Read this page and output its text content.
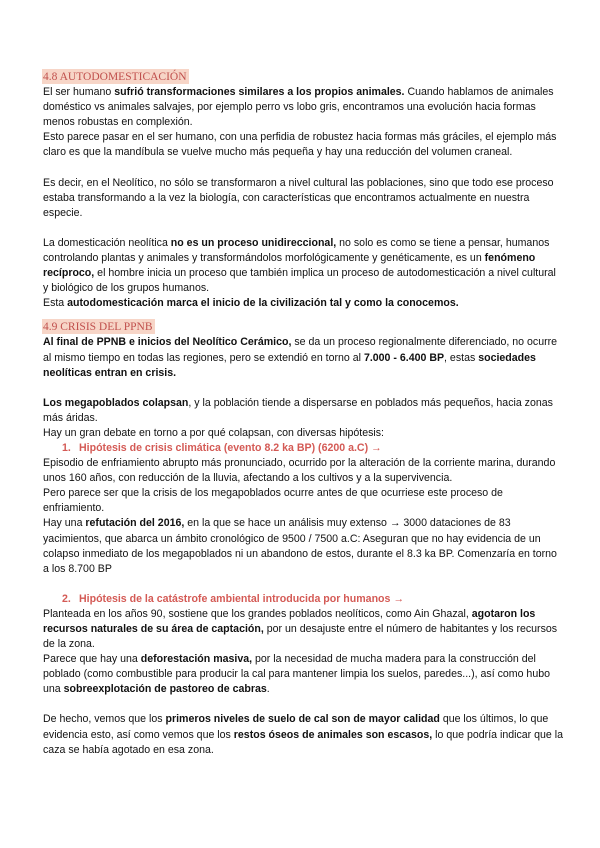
4.8 AUTODOMESTICACIÓN

El ser humano sufrió transformaciones similares a los propios animales. Cuando hablamos de animales doméstico vs animales salvajes, por ejemplo perro vs lobo gris, encontramos una evolución hacia formas menos robustas en complexión.

Esto parece pasar en el ser humano, con una perfidia de robustez hacia formas más gráciles, el ejemplo más claro es que la mandíbula se vuelve mucho más pequeña y hay una reducción del volumen craneal.

Es decir, en el Neolítico, no sólo se transformaron a nivel cultural las poblaciones, sino que todo ese proceso estaba transformando a la vez la biología, con características que encontramos actualmente en nuestra especie.

La domesticación neolítica no es un proceso unidireccional, no solo es como se tiene a pensar, humanos controlando plantas y animales y transformándolos morfológicamente y genéticamente, es un fenómeno recíproco, el hombre inicia un proceso que también implica un proceso de autodomesticación a nivel cultural y biológico de los grupos humanos.

Esta autodomesticación marca el inicio de la civilización tal y como la conocemos.

4.9 CRISIS DEL PPNB

Al final de PPNB e inicios del Neolítico Cerámico, se da un proceso regionalmente diferenciado, no ocurre al mismo tiempo en todas las regiones, pero se extendió en torno al 7.000 - 6.400 BP, estas sociedades neolíticas entran en crisis.

Los megapoblados colapsan, y la población tiende a dispersarse en poblados más pequeños, hacia zonas más áridas.

Hay un gran debate en torno a por qué colapsan, con diversas hipótesis:

1. Hipótesis de crisis climática (evento 8.2 ka BP) (6200 a.C) →

Episodio de enfriamiento abrupto más pronunciado, ocurrido por la alteración de la corriente marina, durando unos 160 años, con reducción de la lluvia, afectando a los cultivos y a la supervivencia.

Pero parece ser que la crisis de los megapoblados ocurre antes de que ocurriese este proceso de enfriamiento.

Hay una refutación del 2016, en la que se hace un análisis muy extenso → 3000 dataciones de 83 yacimientos, que abarca un ámbito cronológico de 9500 / 7500 a.C: Aseguran que no hay evidencia de un colapso inmediato de los megapoblados ni un abandono de estos, durante el 8.3 ka BP. Comenzaría en torno a los 8.700 BP

2. Hipótesis de la catástrofe ambiental introducida por humanos →

Planteada en los años 90, sostiene que los grandes poblados neolíticos, como Ain Ghazal, agotaron los recursos naturales de su área de captación, por un desajuste entre el número de habitantes y los recursos de la zona.

Parece que hay una deforestación masiva, por la necesidad de mucha madera para la construcción del poblado (como combustible para producir la cal para mantener limpia los suelos, paredes...), así como hubo una sobreexplotación de pastoreo de cabras.

De hecho, vemos que los primeros niveles de suelo de cal son de mayor calidad que los últimos, lo que evidencia esto, así como vemos que los restos óseos de animales son escasos, lo que podría indicar que la caza se había agotado en esa zona.
